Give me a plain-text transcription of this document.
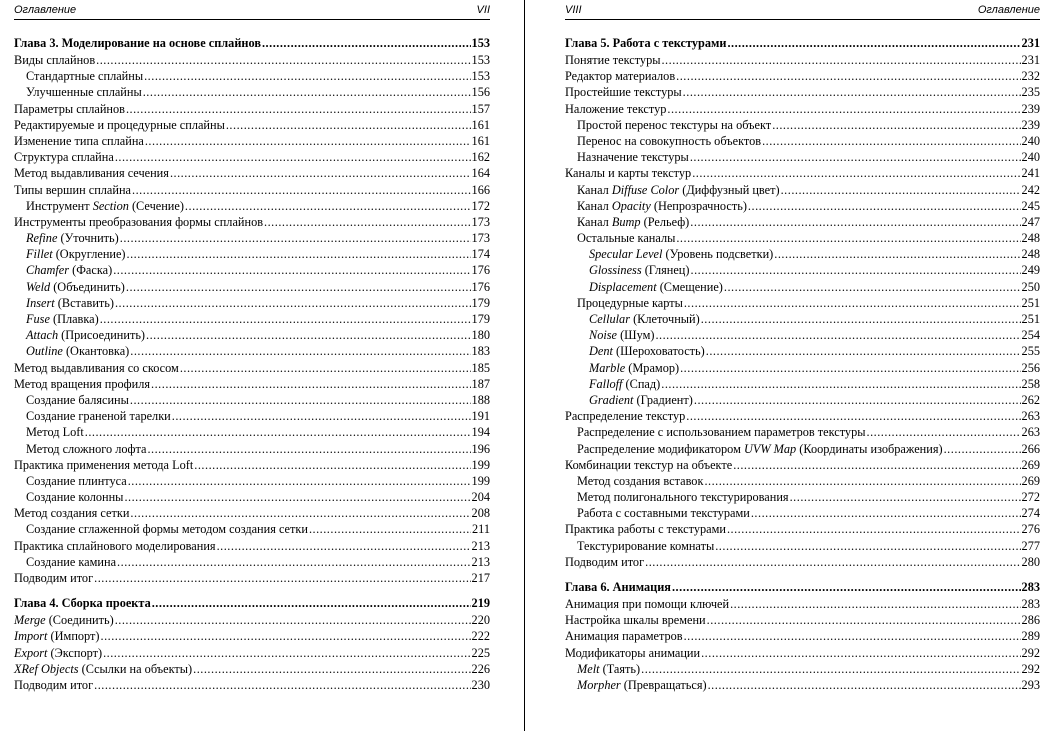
Оглавление	VII
Глава 3. Моделирование на основе сплайнов .....	153
Виды сплайнов .....	153
Стандартные сплайны .....	153
Улучшенные сплайны .....	156
Параметры сплайнов .....	157
Редактируемые и процедурные сплайны .....	161
Изменение типа сплайна .....	161
Структура сплайна .....	162
Метод выдавливания сечения .....	164
Типы вершин сплайна .....	166
Инструмент Section (Сечение) .....	172
Инструменты преобразования формы сплайнов .....	173
Refine (Уточнить) .....	173
Fillet (Округление) .....	174
Chamfer (Фаска) .....	176
Weld (Объединить) .....	176
Insert (Вставить) .....	179
Fuse (Плавка) .....	179
Attach (Присоединить) .....	180
Outline (Окантовка) .....	183
Метод выдавливания со скосом .....	185
Метод вращения профиля .....	187
Создание балясины .....	188
Создание граненой тарелки .....	191
Метод Loft .....	194
Метод сложного лофта .....	196
Практика применения метода Loft .....	199
Создание плинтуса .....	199
Создание колонны .....	204
Метод создания сетки .....	208
Создание сглаженной формы методом создания сетки .....	211
Практика сплайнового моделирования .....	213
Создание камина .....	213
Подводим итог .....	217
Глава 4. Сборка проекта .....	219
Merge (Соединить) .....	220
Import (Импорт) .....	222
Export (Экспорт) .....	225
XRef Objects (Ссылки на объекты) .....	226
Подводим итог .....	230
VIII	Оглавление
Глава 5. Работа с текстурами .....	231
Понятие текстуры .....	231
Редактор материалов .....	232
Простейшие текстуры .....	235
Наложение текстур .....	239
Простой перенос текстуры на объект .....	239
Перенос на совокупность объектов .....	240
Назначение текстуры .....	240
Каналы и карты текстур .....	241
Канал Diffuse Color (Диффузный цвет) .....	242
Канал Opacity (Непрозрачность) .....	245
Канал Bump (Рельеф) .....	247
Остальные каналы .....	248
Specular Level (Уровень подсветки) .....	248
Glossiness (Глянец) .....	249
Displacement (Смещение) .....	250
Процедурные карты .....	251
Cellular (Клеточный) .....	251
Noise (Шум) .....	254
Dent (Шероховатость) .....	255
Marble (Мрамор) .....	256
Falloff (Спад) .....	258
Gradient (Градиент) .....	262
Распределение текстур .....	263
Распределение с использованием параметров текстуры .....	263
Распределение модификатором UVW Map (Координаты изображения) .....	266
Комбинации текстур на объекте .....	269
Метод создания вставок .....	269
Метод полигонального текстурирования .....	272
Работа с составными текстурами .....	274
Практика работы с текстурами .....	276
Текстурирование комнаты .....	277
Подводим итог .....	280
Глава 6. Анимация .....	283
Анимация при помощи ключей .....	283
Настройка шкалы времени .....	286
Анимация параметров .....	289
Модификаторы анимации .....	292
Melt (Таять) .....	292
Morpher (Превращаться) .....	293
